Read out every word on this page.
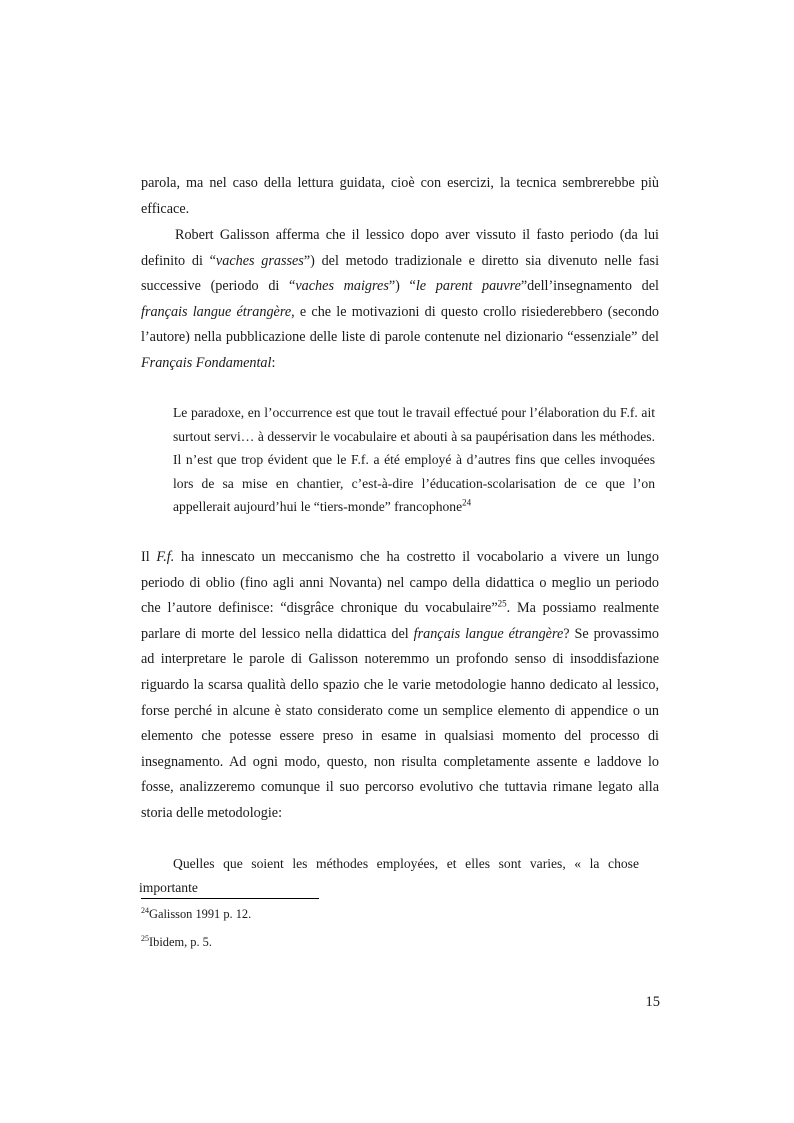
parola, ma nel caso della lettura guidata, cioè con esercizi, la tecnica sembrerebbe più efficace.

Robert Galisson afferma che il lessico dopo aver vissuto il fasto periodo (da lui definito di “vaches grasses”) del metodo tradizionale e diretto sia divenuto nelle fasi successive (periodo di “vaches maigres”) “le parent pauvre”dell’insegnamento del français langue étrangère, e che le motivazioni di questo crollo risiederebbero (secondo l’autore) nella pubblicazione delle liste di parole contenute nel dizionario “essenziale” del Français Fondamental:

Le paradoxe, en l’occurrence est que tout le travail effectué pour l’élaboration du F.f. ait surtout servi… à desservir le vocabulaire et abouti à sa paupérisation dans les méthodes. Il n’est que trop évident que le F.f. a été employé à d’autres fins que celles invoquées lors de sa mise en chantier, c’est-à-dire l’éducation-scolarisation de ce que l’on appellerait aujourd’hui le “tiers-monde” francophone$^{24}$

Il F.f. ha innescato un meccanismo che ha costretto il vocabolario a vivere un lungo periodo di oblio (fino agli anni Novanta) nel campo della didattica o meglio un periodo che l’autore definisce: “disgrâce chronique du vocabulaire”$^{25}$. Ma possiamo realmente parlare di morte del lessico nella didattica del français langue étrangère? Se provassimo ad interpretare le parole di Galisson noteremmo un profondo senso di insoddisfazione riguardo la scarsa qualità dello spazio che le varie metodologie hanno dedicato al lessico, forse perché in alcune è stato considerato come un semplice elemento di appendice o un elemento che potesse essere preso in esame in qualsiasi momento del processo di insegnamento. Ad ogni modo, questo, non risulta completamente assente e laddove lo fosse, analizzeremo comunque il suo percorso evolutivo che tuttavia rimane legato alla storia delle metodologie:

Quelles que soient les méthodes employées, et elles sont varies, « la chose importante

$^{24}$Galisson 1991 p. 12.

$^{25}$Ibidem, p. 5.

15
